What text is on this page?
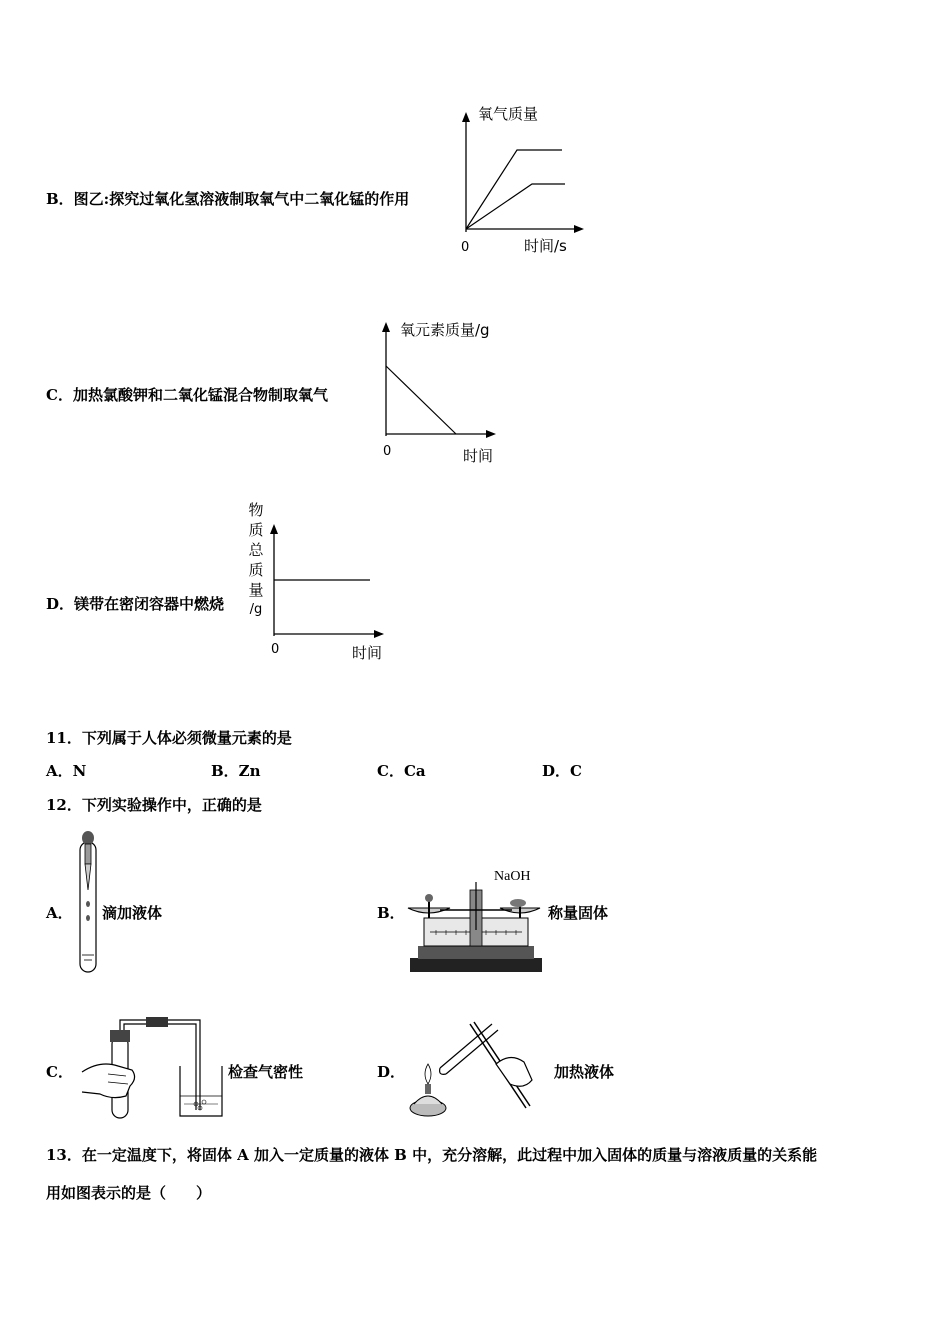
B．图乙:探究过氧化氢溶液制取氧气中二氧化锰的作用
氧气质量
0	时间/s
C．加热氯酸钾和二氧化锰混合物制取氧气
氧元素质量/g
0	时间
D．镁带在密闭容器中燃烧
物
质
总
质
量
/g
0	时间
11．下列属于人体必须微量元素的是
A．N	B．Zn	C．Ca	D．C
12．下列实验操作中，正确的是
A． 滴加液体	B．
NaOH
称量固体
C．	检查气密性	D．	加热液体
13．在一定温度下，将固体 A 加入一定质量的液体 B 中，充分溶解，此过程中加入固体的质量与溶液质量的关系能
用如图表示的是（　　）
